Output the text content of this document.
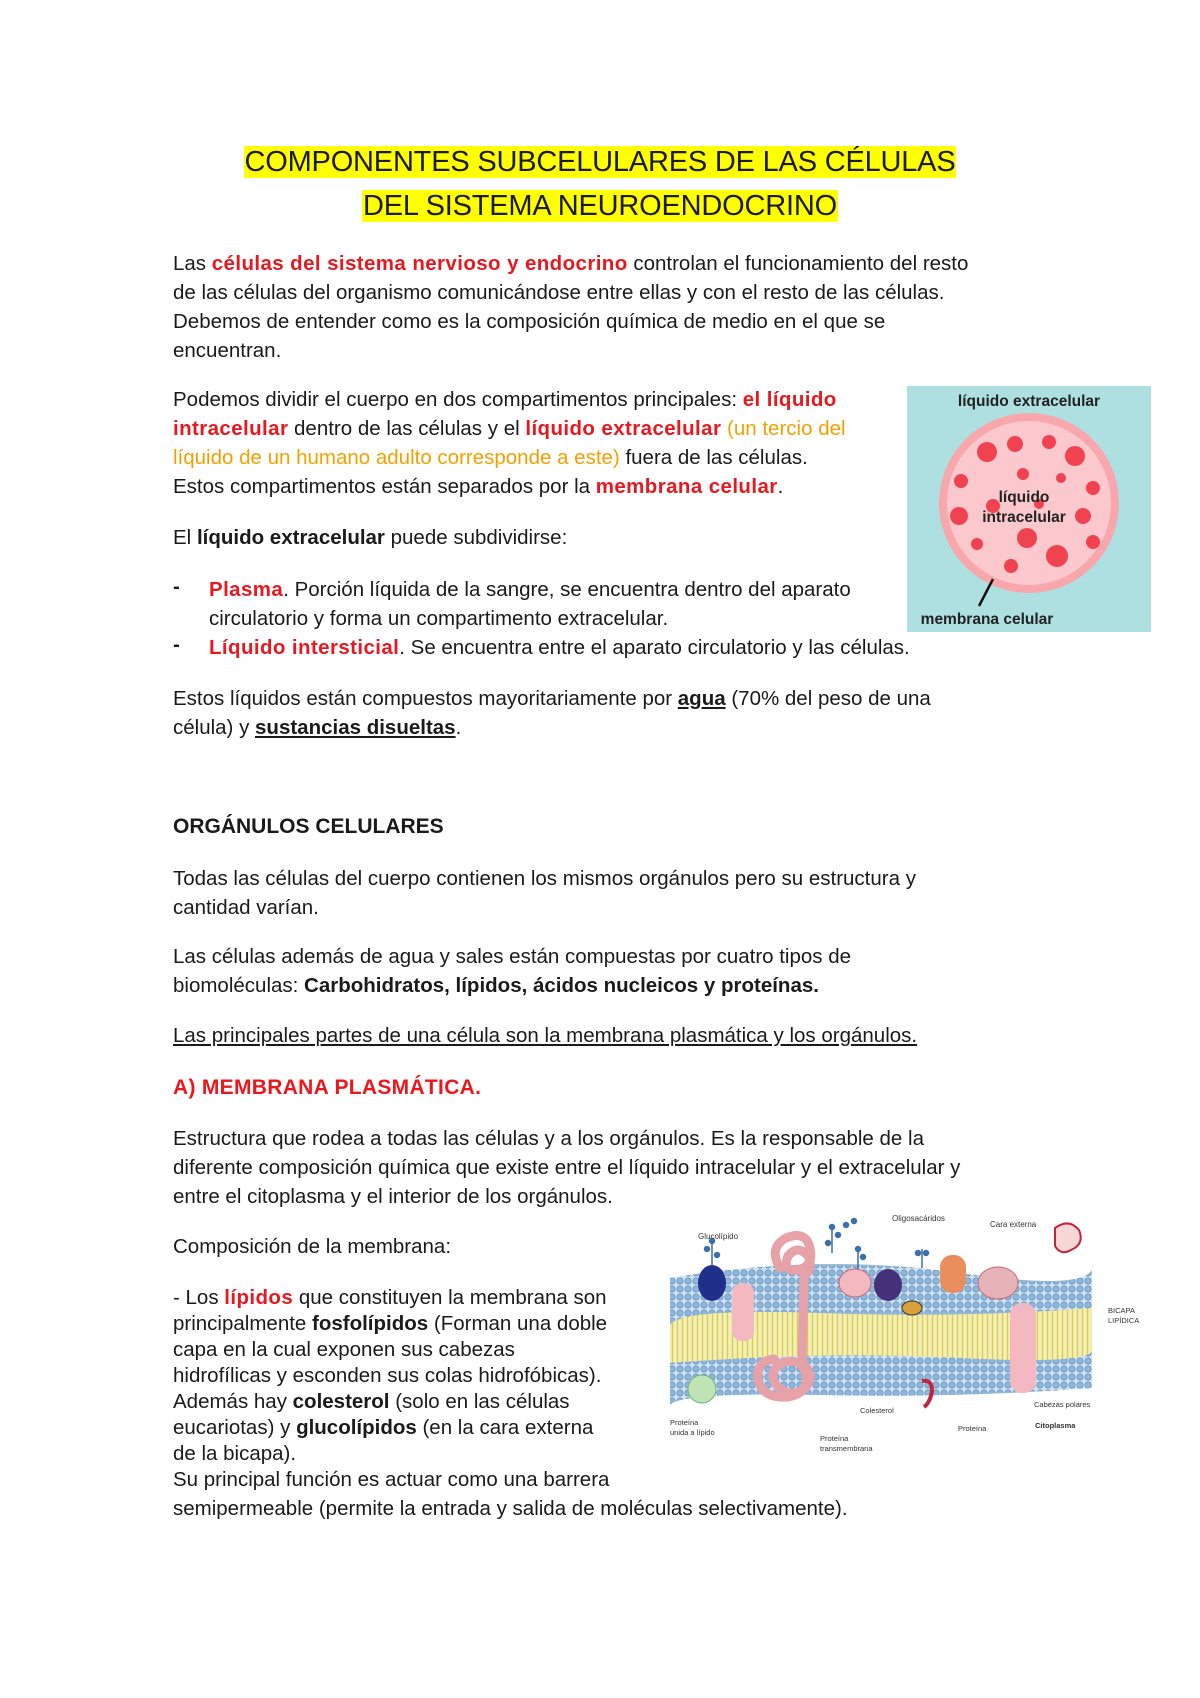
COMPONENTES SUBCELULARES DE LAS CÉLULAS
DEL SISTEMA NEUROENDOCRINO

Las células del sistema nervioso y endocrino controlan el funcionamiento del resto

de las células del organismo comunicándose entre ellas y con el resto de las células.

Debemos de entender como es la composición química de medio en el que se

encuentran.

Podemos dividir el cuerpo en dos compartimentos principales: el líquido

intracelular dentro de las células y el líquido extracelular (un tercio del

líquido de un humano adulto corresponde a este) fuera de las células.

Estos compartimentos están separados por la membrana celular.

El líquido extracelular puede subdividirse:

- Plasma. Porción líquida de la sangre, se encuentra dentro del aparato

circulatorio y forma un compartimento extracelular.

- Líquido intersticial. Se encuentra entre el aparato circulatorio y las células.

Estos líquidos están compuestos mayoritariamente por agua (70% del peso de una

célula) y sustancias disueltas.

ORGÁNULOS CELULARES

Todas las células del cuerpo contienen los mismos orgánulos pero su estructura y

cantidad varían.

Las células además de agua y sales están compuestas por cuatro tipos de

biomoléculas: Carbohidratos, lípidos, ácidos nucleicos y proteínas.

Las principales partes de una célula son la membrana plasmática y los orgánulos.

A) MEMBRANA PLASMÁTICA.

Estructura que rodea a todas las células y a los orgánulos. Es la responsable de la

diferente composición química que existe entre el líquido intracelular y el extracelular y

entre el citoplasma y el interior de los orgánulos.

Composición de la membrana:

- Los lípidos que constituyen la membrana son

principalmente fosfolípidos (Forman una doble

capa en la cual exponen sus cabezas

hidrofílicas y esconden sus colas hidrofóbicas).

Además hay colesterol (solo en las células

eucariotas) y glucolípidos (en la cara externa

de la bicapa).

Su principal función es actuar como una barrera

semipermeable (permite la entrada y salida de moléculas selectivamente).

líquido extracelular
líquido
intracelular
membrana celular
Oligosacáridos
Cara externa
Glucolípido
BICAPA
LIPÍDICA
Cabezas polares
Proteína
unida a lípido
Colesterol
Proteína	Citoplasma
Proteína
transmembrana
